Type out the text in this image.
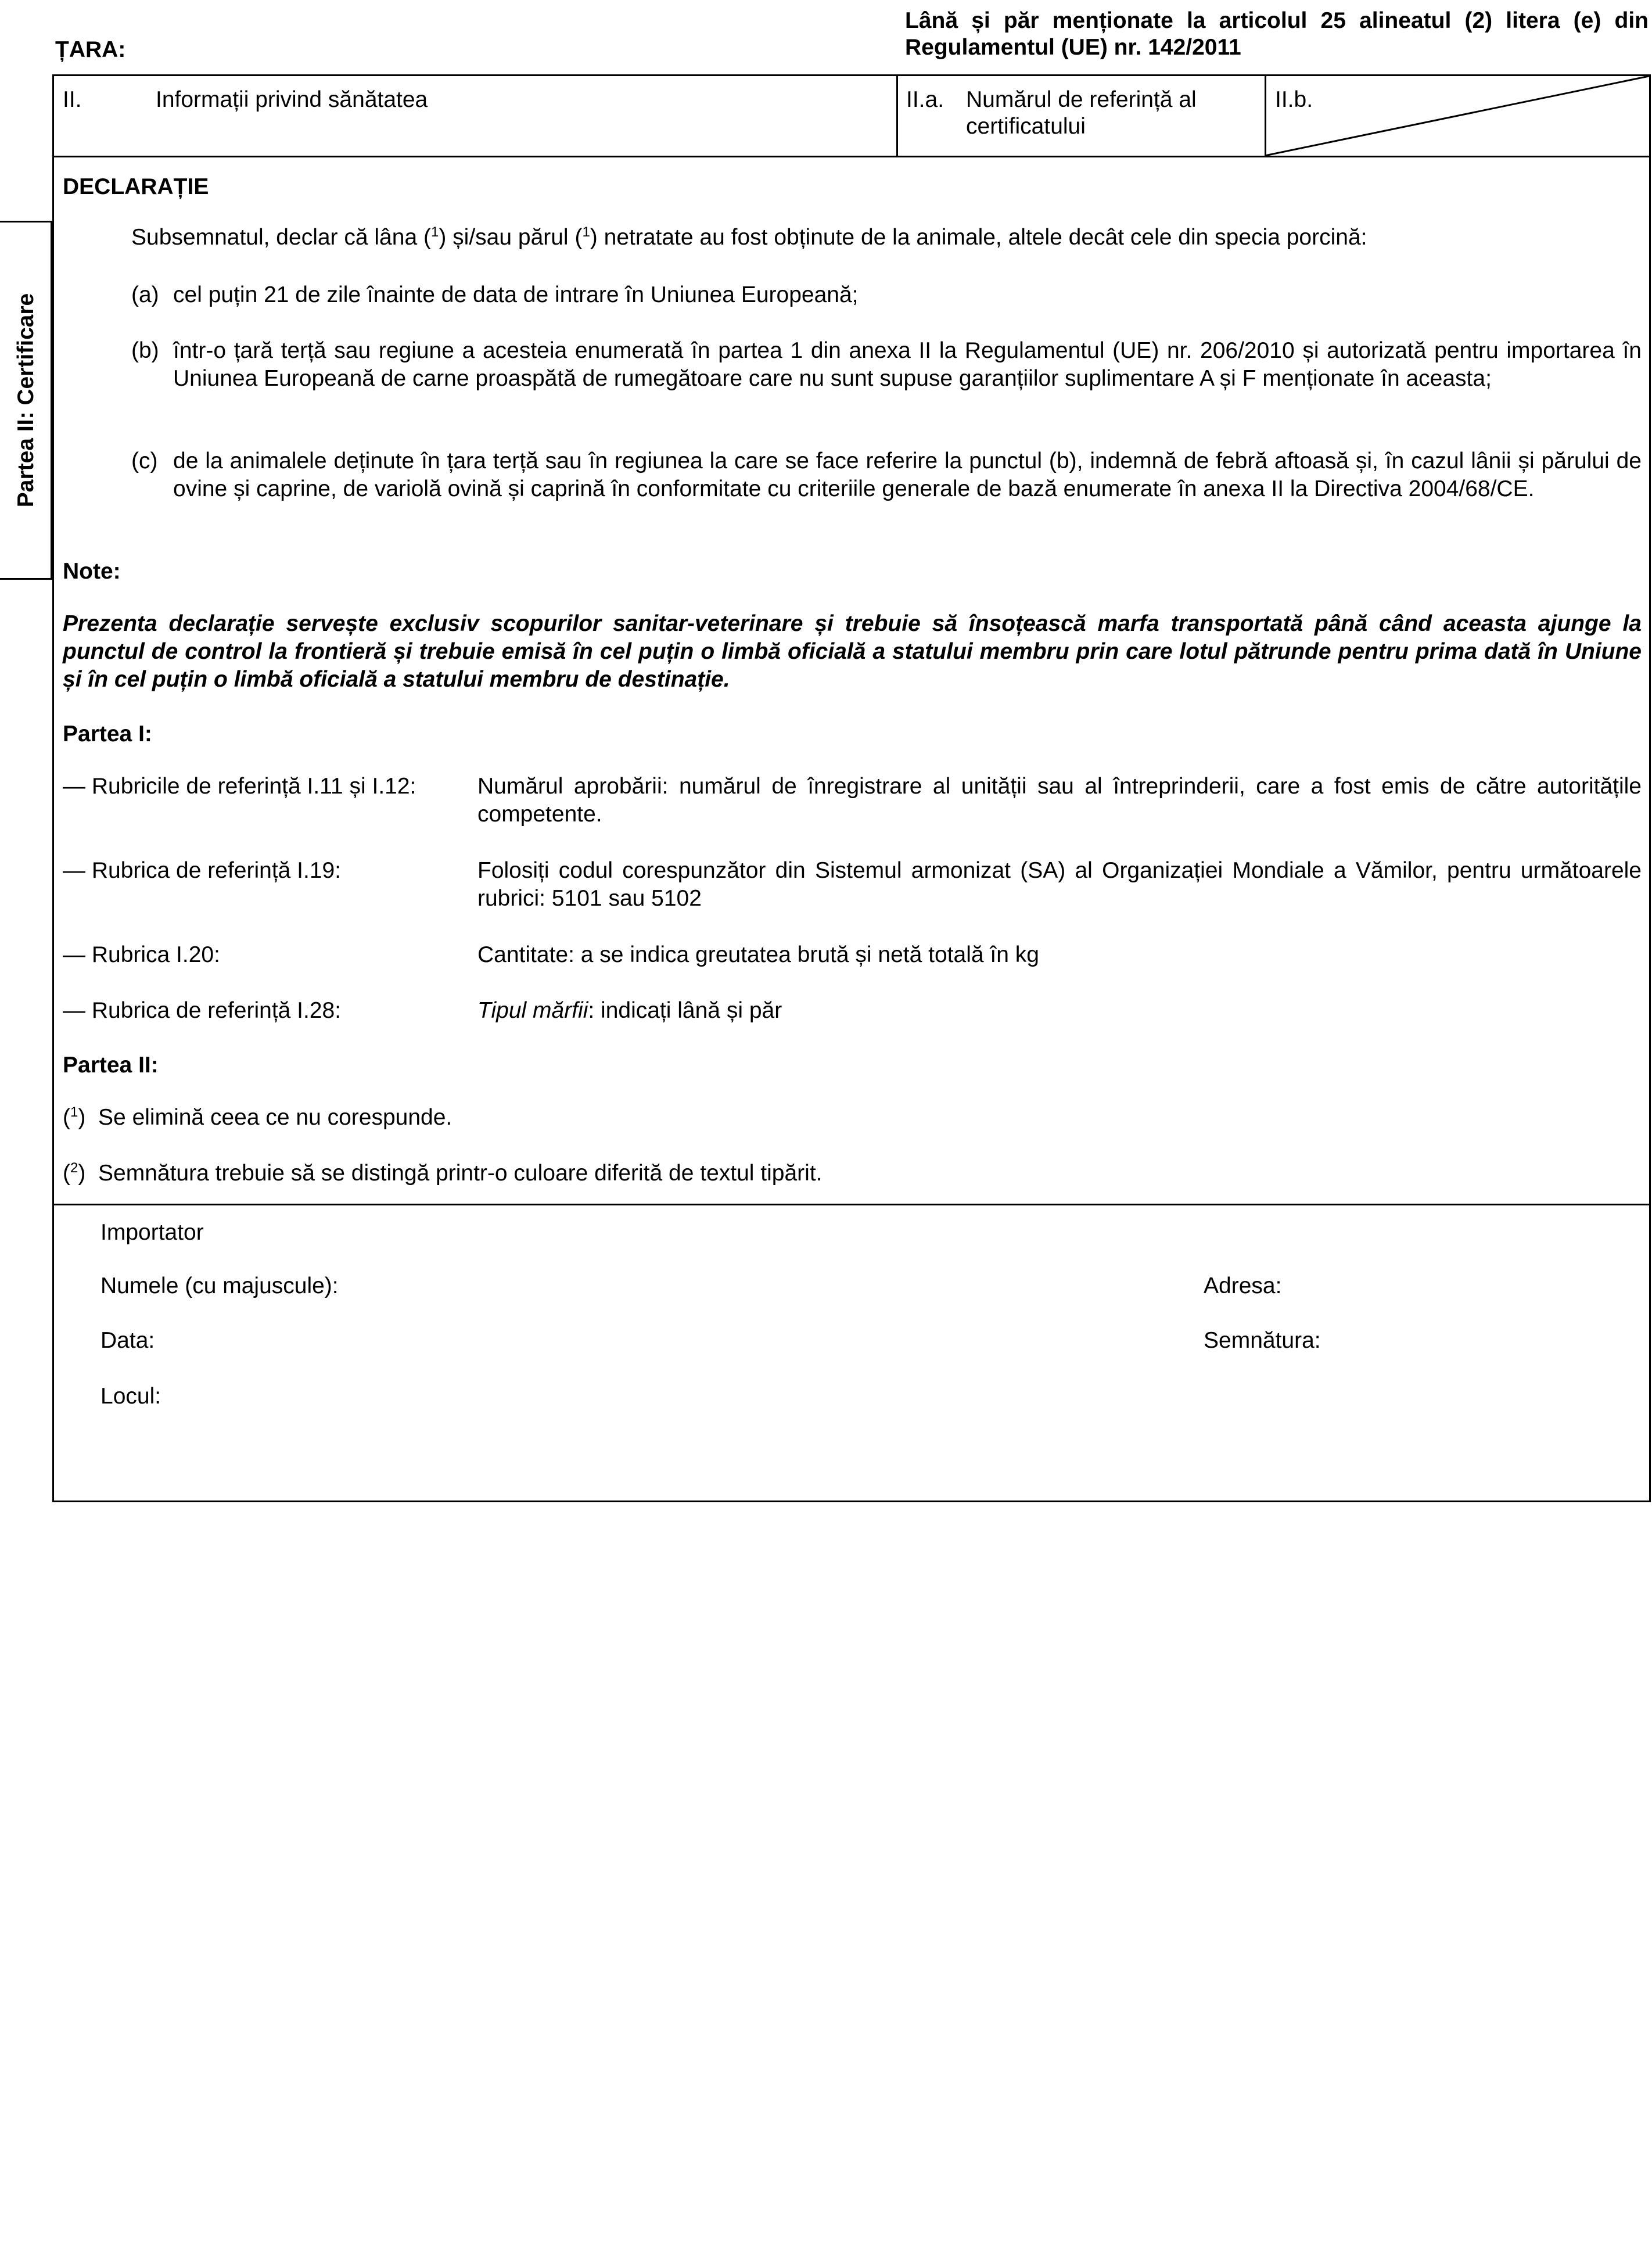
ȚARA:
Lână și păr menționate la articolul 25 alineatul (2) litera (e) din
Regulamentul (UE) nr. 142/2011
II.	Informații privind sănătatea	II.a. Numărul de referință al
certificatului
II.b.
Partea II: Certificare
DECLARAȚIE
Subsemnatul, declar că lâna ($^1$) și/sau părul ($^1$) netratate au fost obținute de la animale, altele decât cele din specia porcină:
(a) cel puțin 21 de zile înainte de data de intrare în Uniunea Europeană;
(b) într-o țară terță sau regiune a acesteia enumerată în partea 1 din anexa II la Regulamentul (UE) nr. 206/2010 și autorizată pentru importarea în Uniunea Europeană de carne proaspătă de rumegătoare care nu sunt supuse garanțiilor suplimentare A și F menționate în aceasta;
(c) de la animalele deținute în țara terță sau în regiunea la care se face referire la punctul (b), indemnă de febră aftoasă și, în cazul lânii și părului de ovine și caprine, de variolă ovină și caprină în conformitate cu criteriile generale de bază enumerate în anexa II la Directiva 2004/68/CE.
Note:
Prezenta declarație servește exclusiv scopurilor sanitar-veterinare și trebuie să însoțească marfa transportată până când aceasta ajunge la punctul de control la frontieră și trebuie emisă în cel puțin o limbă oficială a statului membru prin care lotul pătrunde pentru prima dată în Uniune și în cel puțin o limbă oficială a statului membru de destinație.
Partea I:
— Rubricile de referință I.11 și I.12:	Numărul aprobării: numărul de înregistrare al unității sau al întreprinderii, care a fost emis de către autoritățile competente.
— Rubrica de referință I.19:	Folosiți codul corespunzător din Sistemul armonizat (SA) al Organizației Mondiale a Vămilor, pentru următoarele rubrici: 5101 sau 5102
— Rubrica I.20:	Cantitate: a se indica greutatea brută și netă totală în kg
— Rubrica de referință I.28:	Tipul mărfii: indicați lână și păr
Partea II:
($^1$)  Se elimină ceea ce nu corespunde.
($^2$)  Semnătura trebuie să se distingă printr-o culoare diferită de textul tipărit.
Importator
Numele (cu majuscule):	Adresa:
Data:	Semnătura:
Locul:
